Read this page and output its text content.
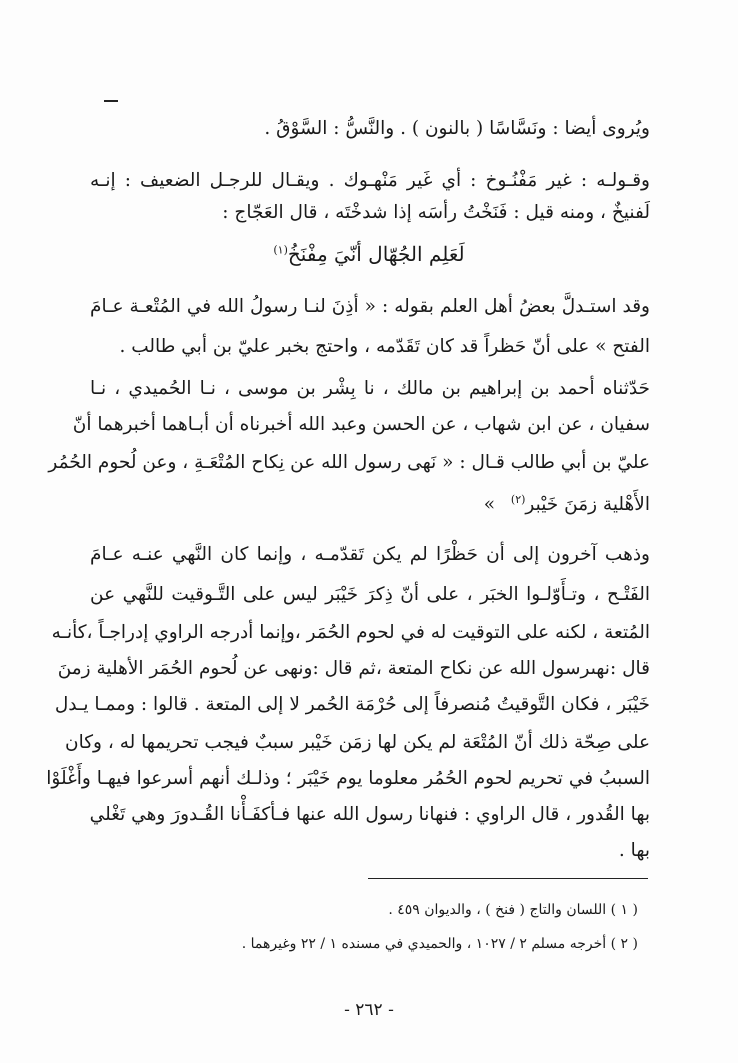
ويُروى أيضا : ونَسَّاسًا ( بالنون ) . والنَّسُّ : السَّوْقُ .
وقـولـه : غير مَفْنُـوخ : أي غَير مَنْهـوك . ويقـال للرجـل الضعيف : إنـه
لَفنيخٌ ، ومنه قيل : فَنَخْتُ رأسَه إذا شدخْتَه ، قال العَجّاج :
لَعَلِم الجُهّال أنّيَ مِفْنَخُ$^{(١)}$
وقد استـدلَّ بعضُ أهل العلم بقوله : « أذِنَ لنـا رسولُ الله في المُتْعـة عـامَ
الفتح » على أنّ حَظراً قد كان تَقَدّمه ، واحتج بخبر عليّ بن أبي طالب .
حَدّثناه أحمد بن إبراهيم بن مالك ، نا بِشْر بن موسى ، نـا الحُميدي ، نـا
سفيان ، عن ابن شهاب ، عن الحسن وعبد الله أخبرناه أن أبـاهما أخبرهما أنّ
عليّ بن أبي طالب قـال : « نَهى رسول الله عن نِكاح المُتْعَـةِ ، وعن لُحوم الحُمُر
الأَهْلية زمَنَ خَيْبر$^{(٢)}$ »
وذهب آخرون إلى أن حَظْرًا لم يكن تَقدّمـه ، وإنما كان النَّهي عنـه عـامَ
الفَتْـح ، وتـأَوّلـوا الخبَر ، على أنّ ذِكرَ خَيْبَر ليس على التَّـوقيت للنَّهي عن
المُتعة ، لكنه على التوقيت له في لحوم الحُمَر ،وإنما أدرجه الراوي إدراجـاً ،كأنـه
قال :نهىرسول الله عن نكاح المتعة ،ثم قال :ونهى عن لُحوم الحُمَر الأهلية زمنَ
خَيْبَر ، فكان التَّوقيتُ مُنصرفاً إلى حُرْمَة الحُمر لا إلى المتعة . قالوا : وممـا يـدل
على صِحّة ذلك أنّ المُتْعَة لم يكن لها زمَن خَيْبر سببٌ فيجب تحريمها له ، وكان
السببُ في تحريم لحوم الحُمُر معلوما يوم خَيْبَر ؛ وذلـك أنهم أسرعوا فيهـا وأَغْلَوْا
بها القُدور ، قال الراوي : فنهانا رسول الله عنها فـأكفَـأْنا القُـدورَ وهي تَغْلي
بها .
( ١ ) اللسان والتاج ( فنخ ) ، والديوان ٤٥٩ .
( ٢ ) أخرجه مسلم ٢ / ١٠٢٧ ، والحميدي في مسنده ١ / ٢٢ وغيرهما .
- ٢٦٢ -
